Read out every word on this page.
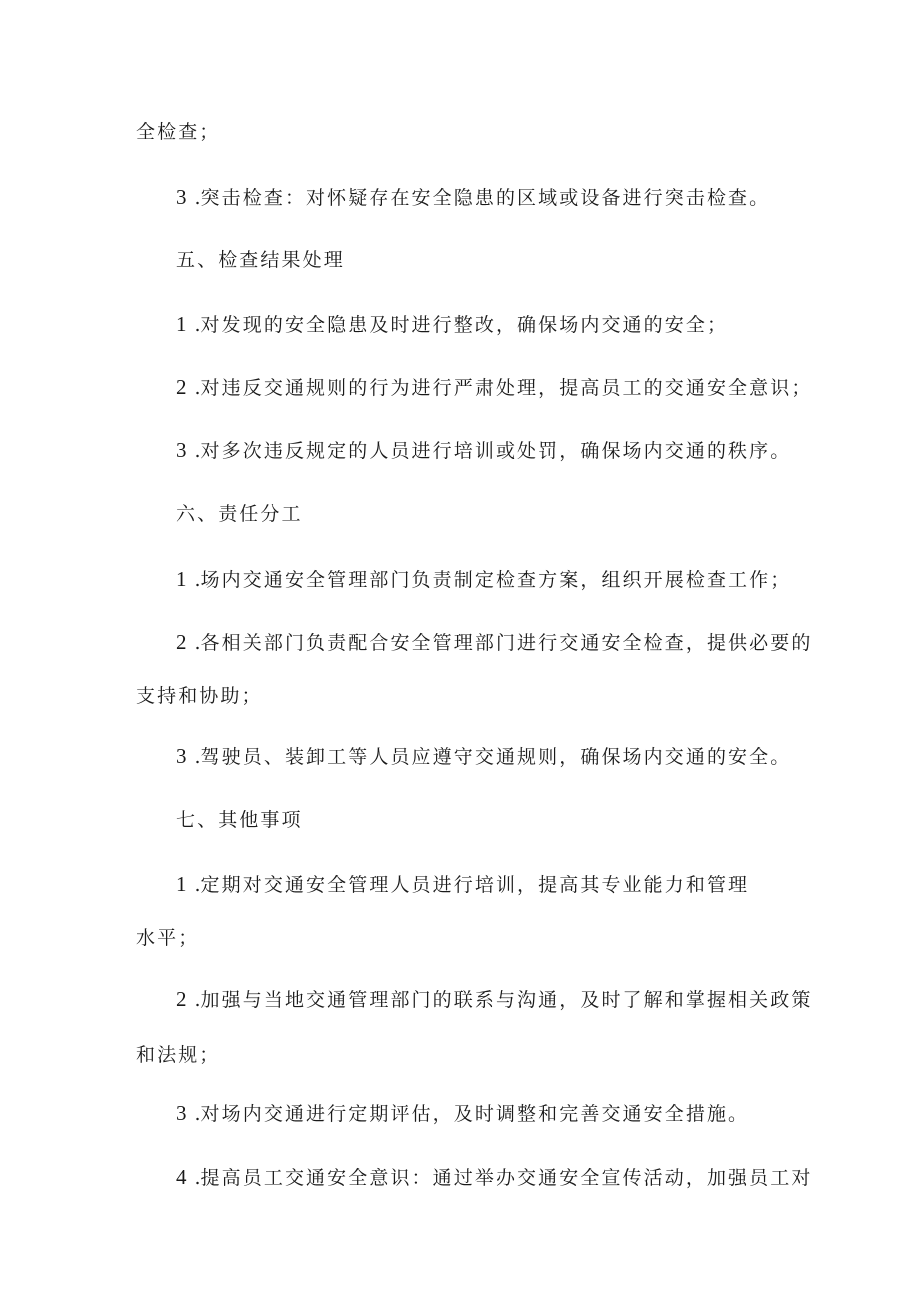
全检查；
3 .突击检查：对怀疑存在安全隐患的区域或设备进行突击检查。
五、检查结果处理
1 .对发现的安全隐患及时进行整改，确保场内交通的安全；
2 .对违反交通规则的行为进行严肃处理，提高员工的交通安全意识；
3 .对多次违反规定的人员进行培训或处罚，确保场内交通的秩序。
六、责任分工
1 .场内交通安全管理部门负责制定检查方案，组织开展检查工作；
2 .各相关部门负责配合安全管理部门进行交通安全检查，提供必要的
支持和协助；
3 .驾驶员、装卸工等人员应遵守交通规则，确保场内交通的安全。
七、其他事项
1 .定期对交通安全管理人员进行培训，提高其专业能力和管理
水平；
2 .加强与当地交通管理部门的联系与沟通，及时了解和掌握相关政策
和法规；
3 .对场内交通进行定期评估，及时调整和完善交通安全措施。
4 .提高员工交通安全意识：通过举办交通安全宣传活动，加强员工对
